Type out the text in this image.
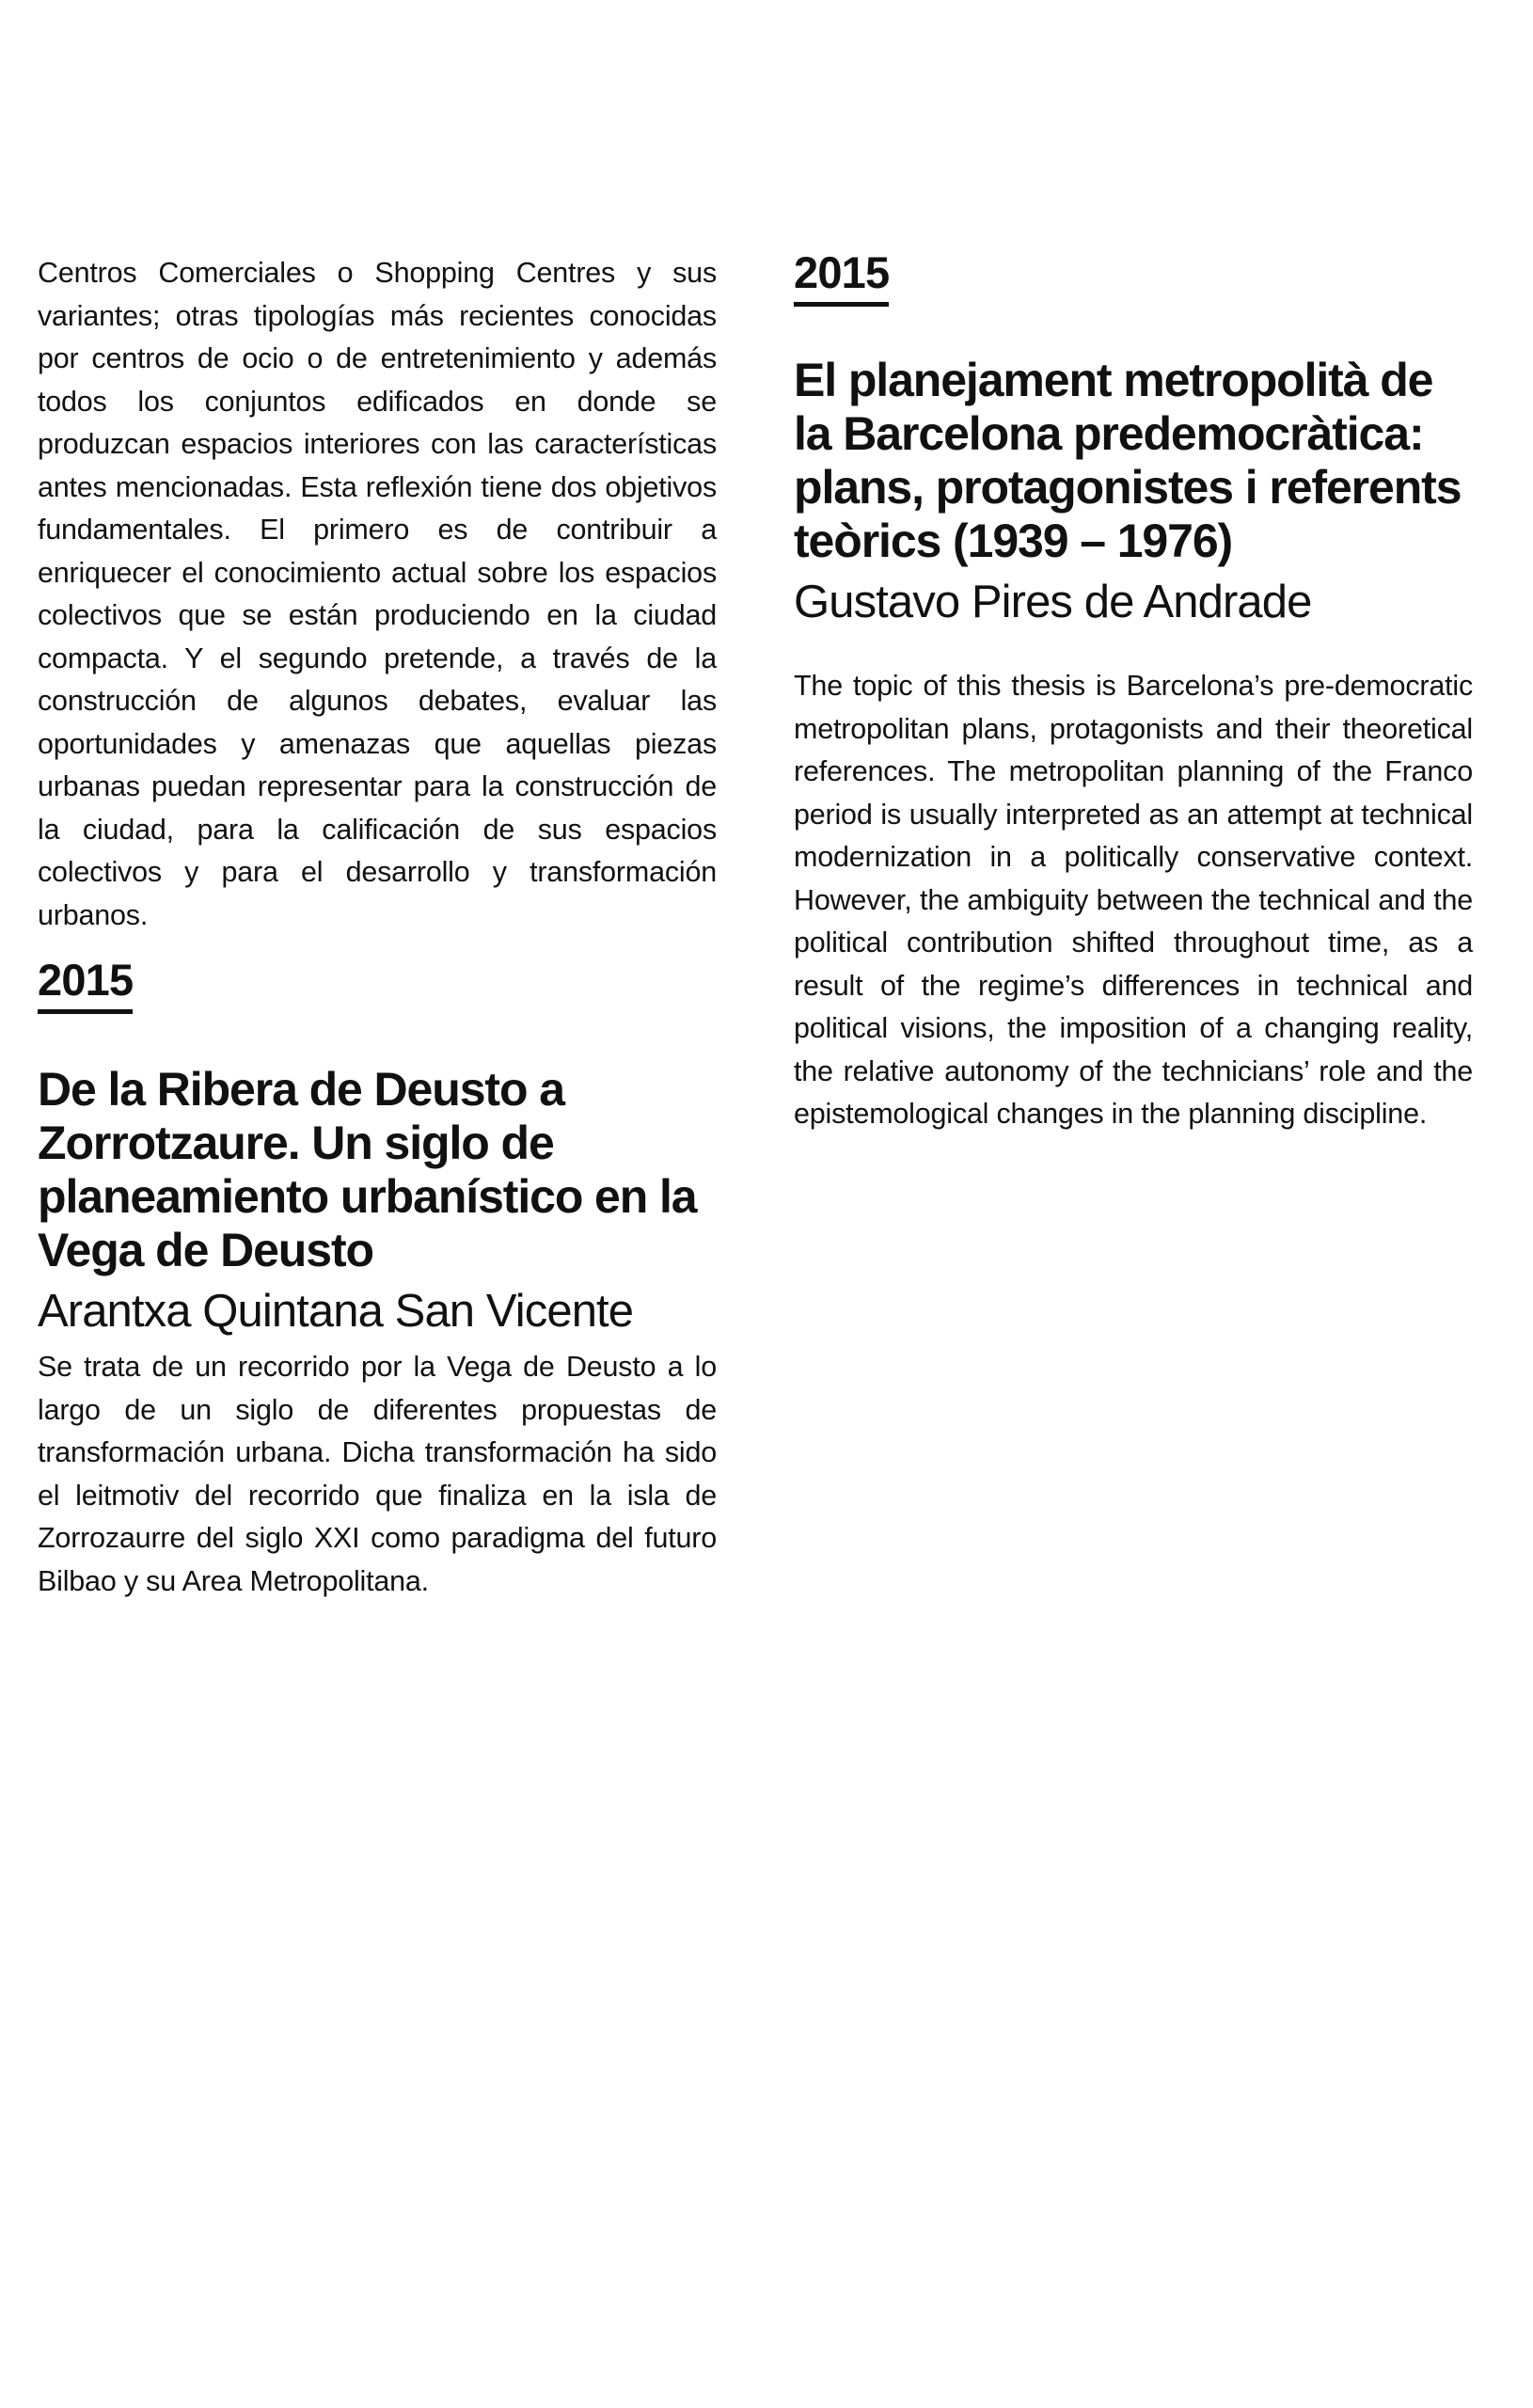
Centros Comerciales o Shopping Centres y sus variantes; otras tipologías más recientes conocidas por centros de ocio o de entretenimiento y además todos los conjuntos edificados en donde se produzcan espacios interiores con las características antes mencionadas. Esta reflexión tiene dos objetivos fundamentales. El primero es de contribuir a enriquecer el conocimiento actual sobre los espacios colectivos que se están produciendo en la ciudad compacta. Y el segundo pretende, a través de la construcción de algunos debates, evaluar las oportunidades y amenazas que aquellas piezas urbanas puedan representar para la construcción de la ciudad, para la calificación de sus espacios colectivos y para el desarrollo y transformación urbanos.

2015
De la Ribera de Deusto a Zorrotzaure. Un siglo de planeamiento urbanístico en la Vega de Deusto
Arantxa Quintana San Vicente

Se trata de un recorrido por la Vega de Deusto a lo largo de un siglo de diferentes propuestas de transformación urbana. Dicha transformación ha sido el leitmotiv del recorrido que finaliza en la isla de Zorrozaurre del siglo XXI como paradigma del futuro Bilbao y su Area Metropolitana.

2015
El planejament metropolità de la Barcelona predemocràtica: plans, protagonistes i referents teòrics (1939 – 1976)
Gustavo Pires de Andrade

The topic of this thesis is Barcelona’s pre-democratic metropolitan plans, protagonists and their theoretical references. The metropolitan planning of the Franco period is usually interpreted as an attempt at technical modernization in a politically conservative context. However, the ambiguity between the technical and the political contribution shifted throughout time, as a result of the regime’s differences in technical and political visions, the imposition of a changing reality, the relative autonomy of the technicians’ role and the epistemological changes in the planning discipline.
